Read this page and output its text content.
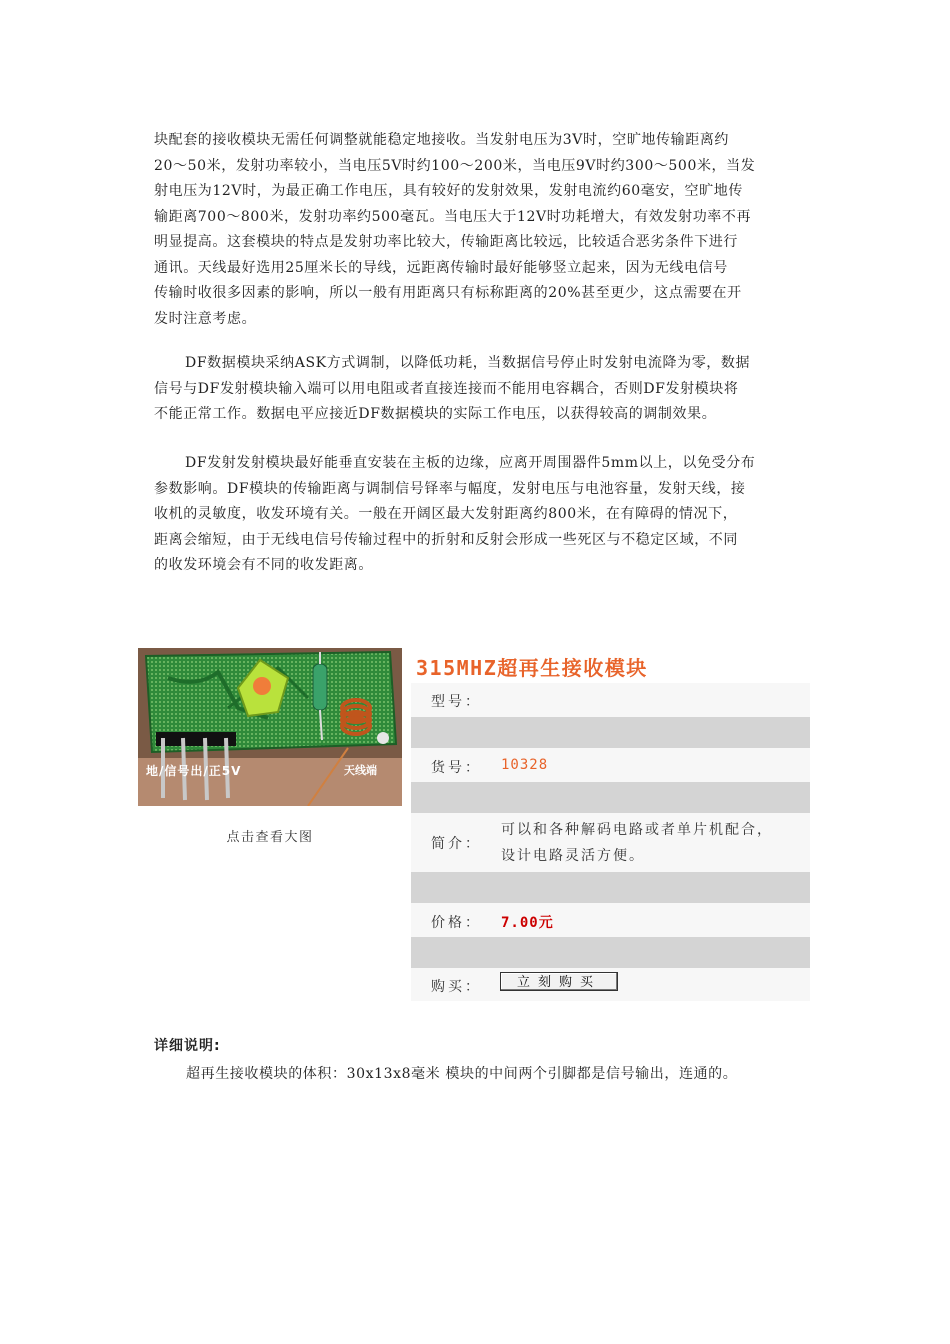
块配套的接收模块无需任何调整就能稳定地接收。当发射电压为3V时，空旷地传输距离约
20～50米，发射功率较小，当电压5V时约100～200米，当电压9V时约300～500米，当发
射电压为12V时，为最正确工作电压，具有较好的发射效果，发射电流约60毫安，空旷地传
输距离700～800米，发射功率约500毫瓦。当电压大于12V时功耗增大，有效发射功率不再
明显提高。这套模块的特点是发射功率比较大，传输距离比较远，比较适合恶劣条件下进行
通讯。天线最好选用25厘米长的导线，远距离传输时最好能够竖立起来，因为无线电信号
传输时收很多因素的影响，所以一般有用距离只有标称距离的20%甚至更少，这点需要在开
发时注意考虑。
DF数据模块采纳ASK方式调制，以降低功耗，当数据信号停止时发射电流降为零，数据
信号与DF发射模块输入端可以用电阻或者直接连接而不能用电容耦合，否则DF发射模块将
不能正常工作。数据电平应接近DF数据模块的实际工作电压，以获得较高的调制效果。
DF发射发射模块最好能垂直安装在主板的边缘，应离开周围器件5mm以上，以免受分布
参数影响。DF模块的传输距离与调制信号铎率与幅度，发射电压与电池容量，发射天线，接
收机的灵敏度，收发环境有关。一般在开阔区最大发射距离约800米，在有障碍的情况下，
距离会缩短，由于无线电信号传输过程中的折射和反射会形成一些死区与不稳定区域，不同
的收发环境会有不同的收发距离。
地/信号出/正5V	天线端
点击查看大图
315MHZ超再生接收模块
型号：
货号： 10328
简介：
可以和各种解码电路或者单片机配合，
设计电路灵活方便。
价格： 7.00元
购买：	立刻购买
详细说明:
超再生接收模块的体积：30x13x8毫米 模块的中间两个引脚都是信号输出，连通的。
